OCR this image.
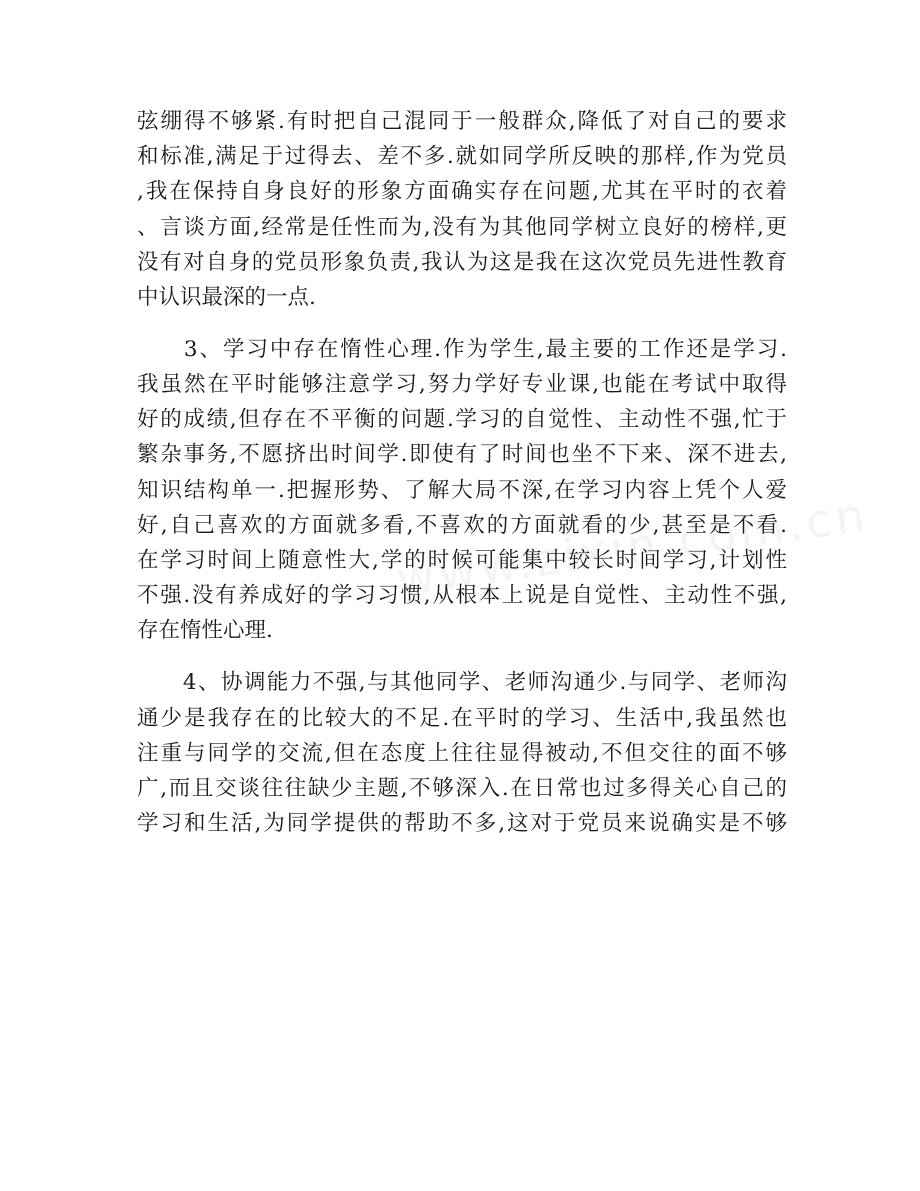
弦绷得不够紧.有时把自己混同于一般群众,降低了对自己的要求
和标准,满足于过得去、差不多.就如同学所反映的那样,作为党员
,我在保持自身良好的形象方面确实存在问题,尤其在平时的衣着
、言谈方面,经常是任性而为,没有为其他同学树立良好的榜样,更
没有对自身的党员形象负责,我认为这是我在这次党员先进性教育
中认识最深的一点.
　　3、学习中存在惰性心理.作为学生,最主要的工作还是学习.
我虽然在平时能够注意学习,努力学好专业课,也能在考试中取得
好的成绩,但存在不平衡的问题.学习的自觉性、主动性不强,忙于
繁杂事务,不愿挤出时间学.即使有了时间也坐不下来、深不进去,
知识结构单一.把握形势、了解大局不深,在学习内容上凭个人爱
好,自己喜欢的方面就多看,不喜欢的方面就看的少,甚至是不看.
在学习时间上随意性大,学的时候可能集中较长时间学习,计划性
不强.没有养成好的学习习惯,从根本上说是自觉性、主动性不强,
存在惰性心理.
　　4、协调能力不强,与其他同学、老师沟通少.与同学、老师沟
通少是我存在的比较大的不足.在平时的学习、生活中,我虽然也
注重与同学的交流,但在态度上往往显得被动,不但交往的面不够
广,而且交谈往往缺少主题,不够深入.在日常也过多得关心自己的
学习和生活,为同学提供的帮助不多,这对于党员来说确实是不够
